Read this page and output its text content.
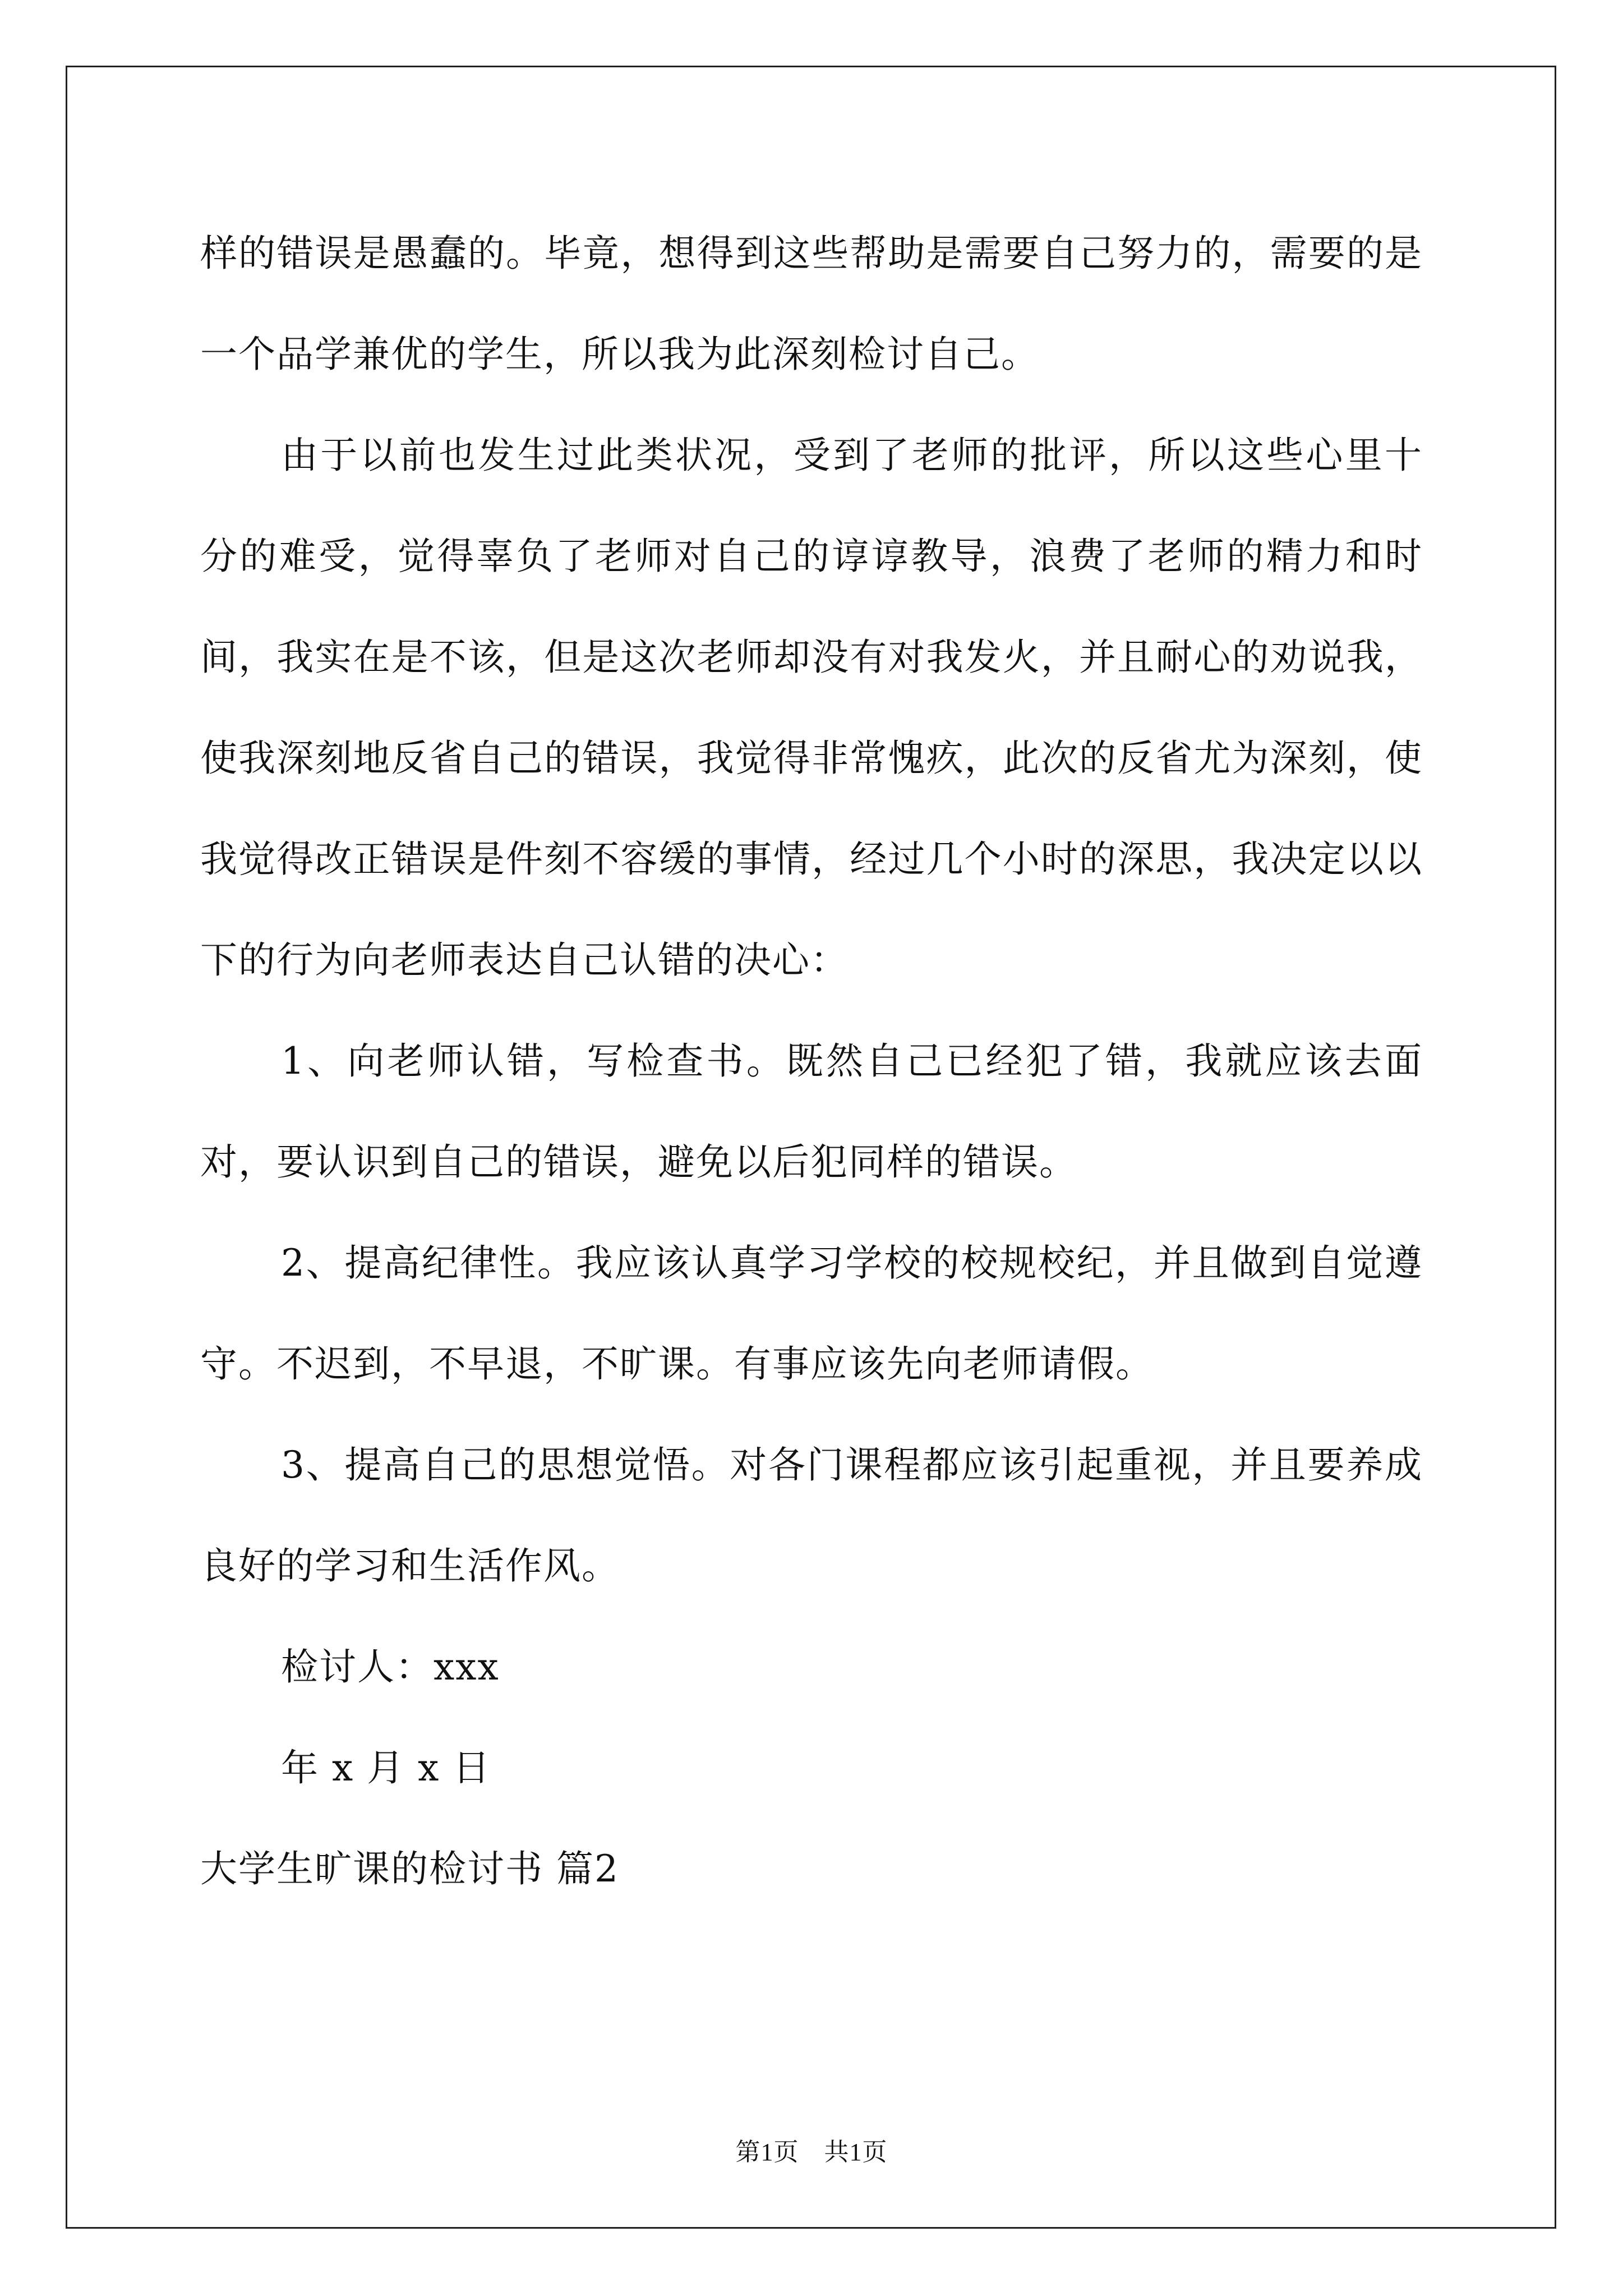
样的错误是愚蠢的。毕竟，想得到这些帮助是需要自己努力的，需要的是一个品学兼优的学生，所以我为此深刻检讨自己。

由于以前也发生过此类状况，受到了老师的批评，所以这些心里十分的难受，觉得辜负了老师对自己的谆谆教导，浪费了老师的精力和时间，我实在是不该，但是这次老师却没有对我发火，并且耐心的劝说我，使我深刻地反省自己的错误，我觉得非常愧疚，此次的反省尤为深刻，使我觉得改正错误是件刻不容缓的事情，经过几个小时的深思，我决定以以下的行为向老师表达自己认错的决心：

1、向老师认错，写检查书。既然自己已经犯了错，我就应该去面对，要认识到自己的错误，避免以后犯同样的错误。

2、提高纪律性。我应该认真学习学校的校规校纪，并且做到自觉遵守。不迟到，不早退，不旷课。有事应该先向老师请假。

3、提高自己的思想觉悟。对各门课程都应该引起重视，并且要养成良好的学习和生活作风。

检讨人：xxx

年 x 月 x 日

大学生旷课的检讨书 篇2

第1页　共1页
